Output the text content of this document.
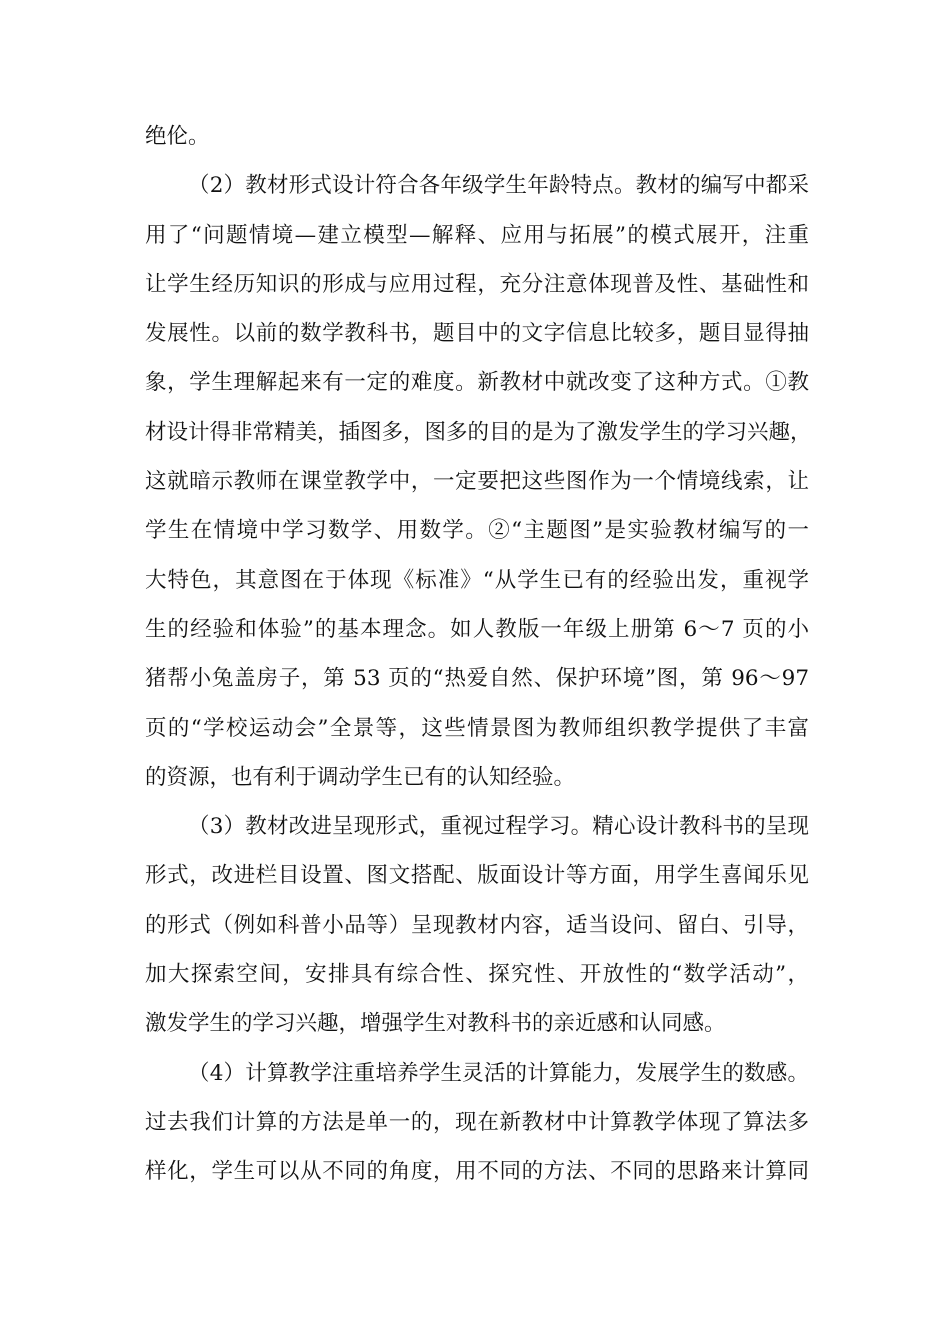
绝伦。
（2）教材形式设计符合各年级学生年龄特点。教材的编写中都采
用了“问题情境—建立模型—解释、应用与拓展”的模式展开，注重
让学生经历知识的形成与应用过程，充分注意体现普及性、基础性和
发展性。以前的数学教科书，题目中的文字信息比较多，题目显得抽
象，学生理解起来有一定的难度。新教材中就改变了这种方式。①教
材设计得非常精美，插图多，图多的目的是为了激发学生的学习兴趣，
这就暗示教师在课堂教学中，一定要把这些图作为一个情境线索，让
学生在情境中学习数学、用数学。②“主题图”是实验教材编写的一
大特色，其意图在于体现《标准》“从学生已有的经验出发，重视学
生的经验和体验”的基本理念。如人教版一年级上册第 6～7 页的小
猪帮小兔盖房子，第 53 页的“热爱自然、保护环境”图，第 96～97
页的“学校运动会”全景等，这些情景图为教师组织教学提供了丰富
的资源，也有利于调动学生已有的认知经验。
（3）教材改进呈现形式，重视过程学习。精心设计教科书的呈现
形式，改进栏目设置、图文搭配、版面设计等方面，用学生喜闻乐见
的形式（例如科普小品等）呈现教材内容，适当设问、留白、引导，
加大探索空间，安排具有综合性、探究性、开放性的“数学活动”，
激发学生的学习兴趣，增强学生对教科书的亲近感和认同感。
（4）计算教学注重培养学生灵活的计算能力，发展学生的数感。
过去我们计算的方法是单一的，现在新教材中计算教学体现了算法多
样化，学生可以从不同的角度，用不同的方法、不同的思路来计算同
